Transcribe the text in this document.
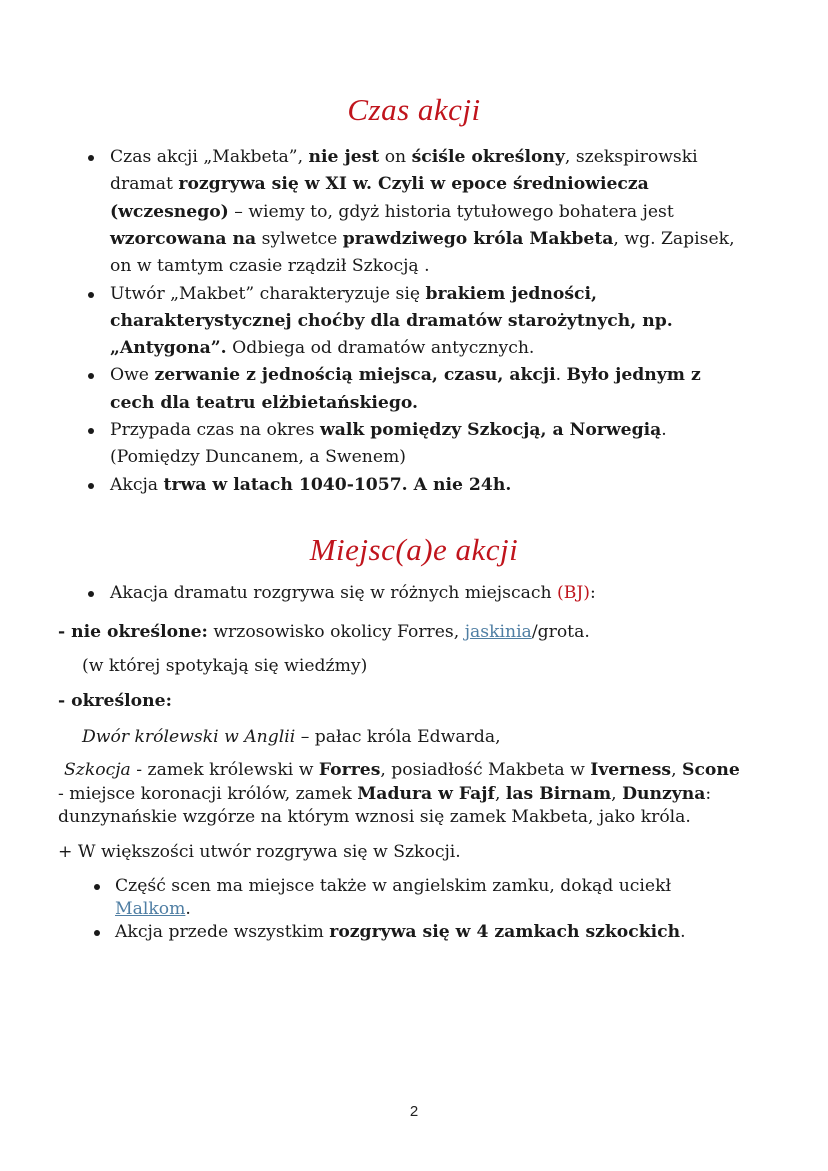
Czas akcji
Czas akcji „Makbeta”, nie jest on ściśle określony, szekspirowski
dramat rozgrywa się w XI w. Czyli w epoce średniowiecza
(wczesnego) – wiemy to, gdyż historia tytułowego bohatera jest
wzorcowana na sylwetce prawdziwego króla Makbeta, wg. Zapisek,
on w tamtym czasie rządził Szkocją .
Utwór „Makbet” charakteryzuje się brakiem jedności,
charakterystycznej choćby dla dramatów starożytnych, np.
„Antygona”. Odbiega od dramatów antycznych.
Owe zerwanie z jednością miejsca, czasu, akcji. Było jednym z
cech dla teatru elżbietańskiego.
Przypada czas na okres walk pomiędzy Szkocją, a Norwegią.
(Pomiędzy Duncanem, a Swenem)
Akcja trwa w latach 1040-1057. A nie 24h.
Miejsc(a)e akcji
Akacja dramatu rozgrywa się w różnych miejscach (BJ):
- nie określone: wrzosowisko okolicy Forres, jaskinia/grota.
(w której spotykają się wiedźmy)
- określone:
Dwór królewski w Anglii – pałac króla Edwarda,
Szkocja - zamek królewski w Forres, posiadłość Makbeta w Iverness, Scone
- miejsce koronacji królów, zamek Madura w Fajf, las Birnam, Dunzyna:
dunzynańskie wzgórze na którym wznosi się zamek Makbeta, jako króla.
+ W większości utwór rozgrywa się w Szkocji.
Część scen ma miejsce także w angielskim zamku, dokąd uciekł
Malkom.
Akcja przede wszystkim rozgrywa się w 4 zamkach szkockich.
2
